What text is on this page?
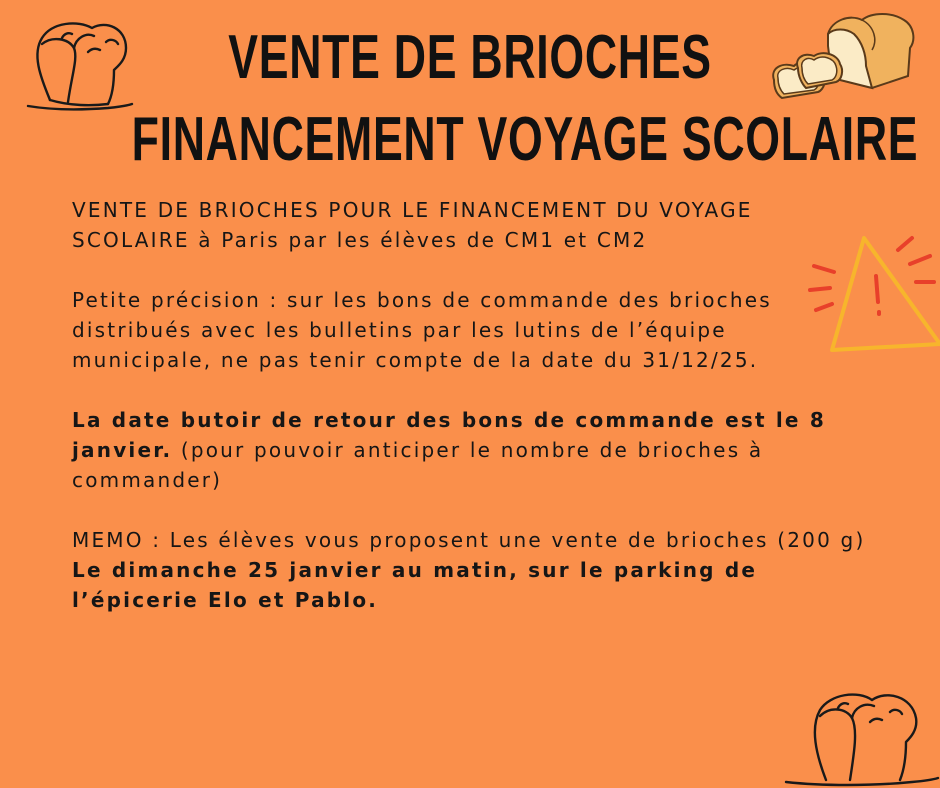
VENTE DE BRIOCHES
FINANCEMENT VOYAGE SCOLAIRE

VENTE DE BRIOCHES POUR LE FINANCEMENT DU VOYAGE SCOLAIRE à Paris par les élèves de CM1 et CM2

Petite précision : sur les bons de commande des brioches distribués avec les bulletins par les lutins de l’équipe municipale, ne pas tenir compte de la date du 31/12/25.

La date butoir de retour des bons de commande est le 8 janvier. (pour pouvoir anticiper le nombre de brioches à commander)

MEMO : Les élèves vous proposent une vente de brioches (200 g)

Le dimanche 25 janvier au matin, sur le parking de l’épicerie Elo et Pablo.
